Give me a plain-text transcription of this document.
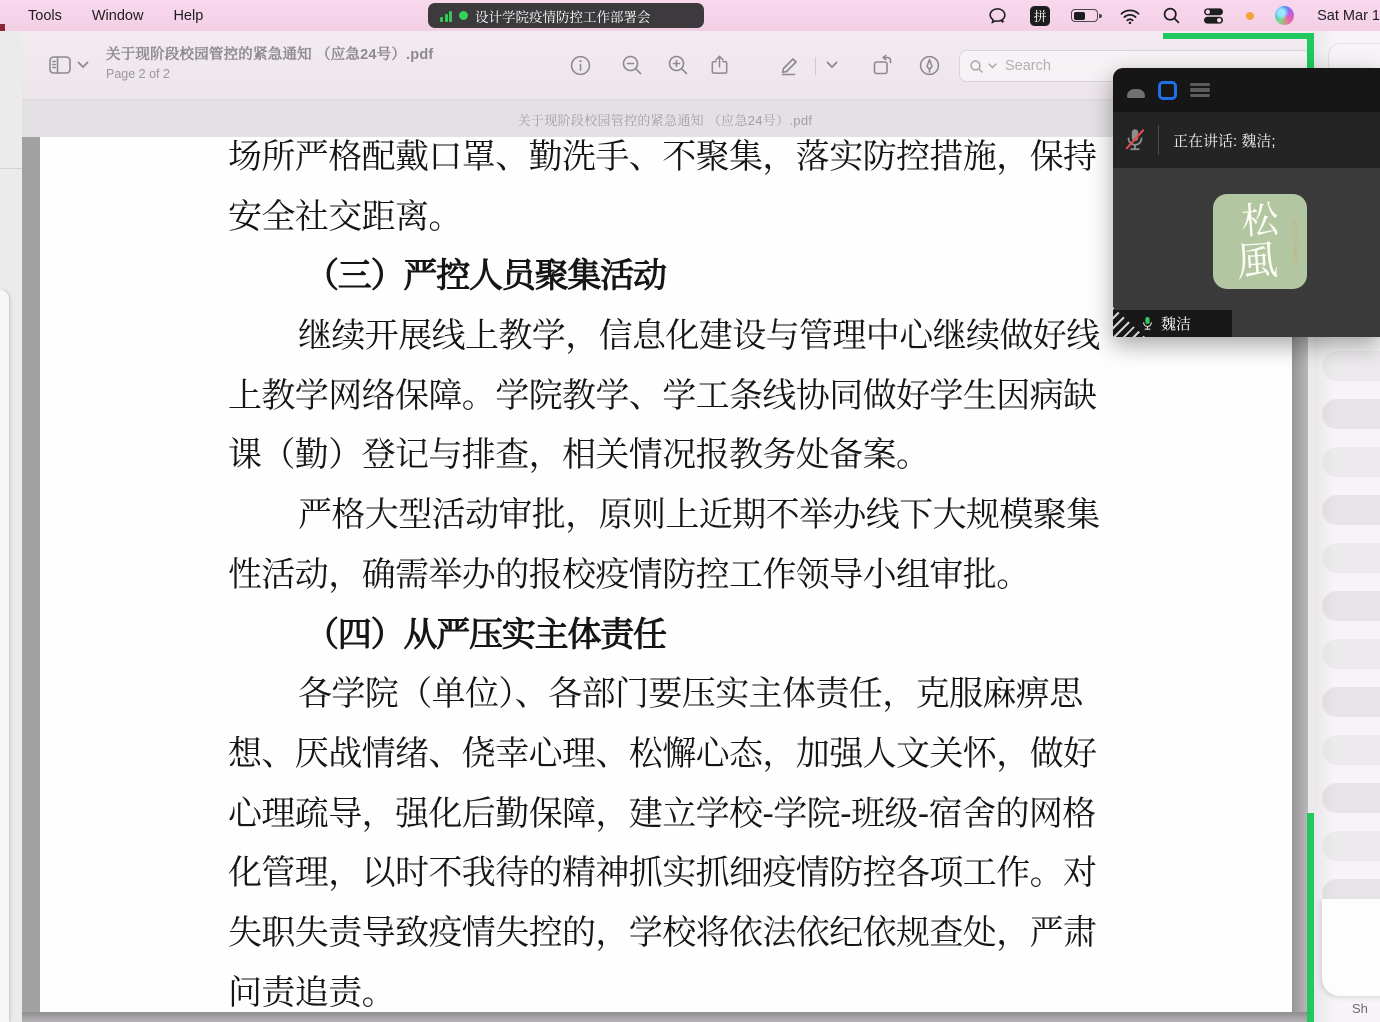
Tools Window Help	设计学院疫情防控工作部署会	拼	Sat Mar 1
关于现阶段校园管控的紧急通知 （应急24号）.pdf
Page 2 of 2	Search
关于现阶段校园管控的紧急通知 （应急24号）.pdf
场所严格配戴口罩、勤洗手、不聚集，落实防控措施，保持
安全社交距离。
（三）严控人员聚集活动
继续开展线上教学，信息化建设与管理中心继续做好线
上教学网络保障。学院教学、学工条线协同做好学生因病缺
课（勤）登记与排查，相关情况报教务处备案。
严格大型活动审批，原则上近期不举办线下大规模聚集
性活动，确需举办的报校疫情防控工作领导小组审批。
（四）从严压实主体责任
各学院（单位）、各部门要压实主体责任，克服麻痹思
想、厌战情绪、侥幸心理、松懈心态，加强人文关怀，做好
心理疏导，强化后勤保障，建立学校-学院-班级-宿舍的网格
化管理，以时不我待的精神抓实抓细疫情防控各项工作。对
失职失责导致疫情失控的，学校将依法依纪依规查处，严肃
问责追责。	Sh
正在讲话: 魏洁;
松
風	SONGFENG
魏洁
